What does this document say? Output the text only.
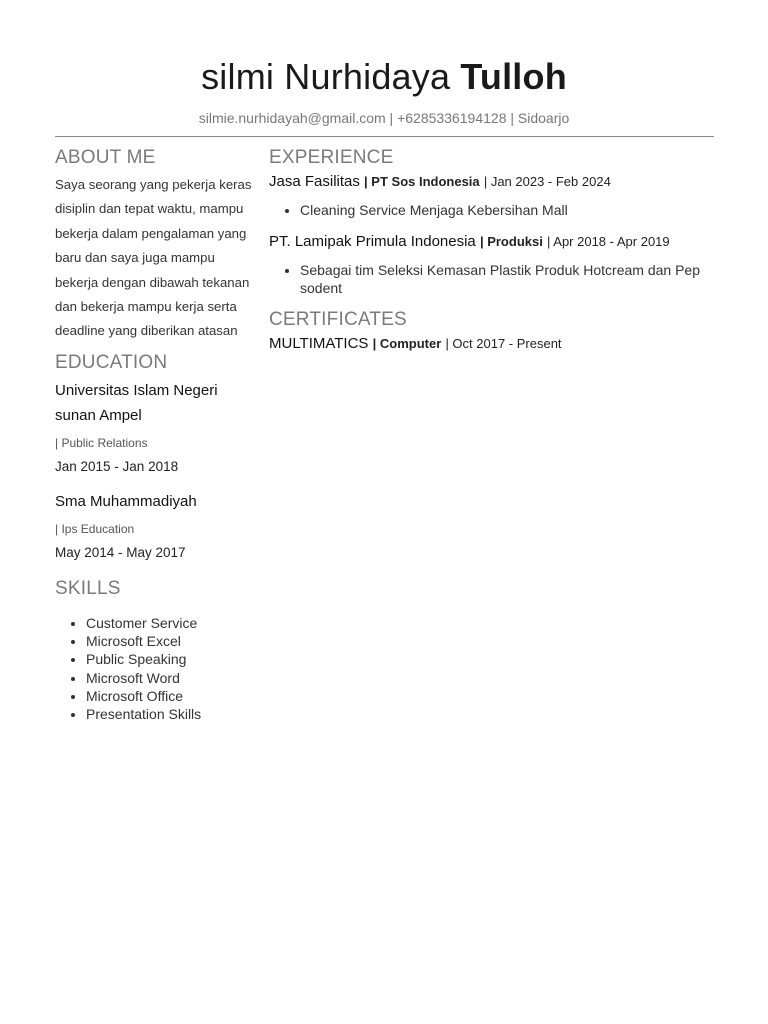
silmi Nurhidaya Tulloh
silmie.nurhidayah@gmail.com | +6285336194128 | Sidoarjo
ABOUT ME
Saya seorang yang pekerja keras disiplin dan tepat waktu, mampu bekerja dalam pengalaman yang baru dan saya juga mampu bekerja dengan dibawah tekanan dan bekerja mampu kerja serta deadline yang diberikan atasan
EDUCATION
Universitas Islam Negeri sunan Ampel
| Public Relations
Jan 2015 - Jan 2018
Sma Muhammadiyah
| Ips Education
May 2014 - May 2017
SKILLS
• Customer Service
• Microsoft Excel
• Public Speaking
• Microsoft Word
• Microsoft Office
• Presentation Skills
EXPERIENCE
Jasa Fasilitas | PT Sos Indonesia | Jan 2023 - Feb 2024
• Cleaning Service Menjaga Kebersihan Mall
PT. Lamipak Primula Indonesia | Produksi | Apr 2018 - Apr 2019
• Sebagai tim Seleksi Kemasan Plastik Produk Hotcream dan Pep sodent
CERTIFICATES
MULTIMATICS | Computer | Oct 2017 - Present
